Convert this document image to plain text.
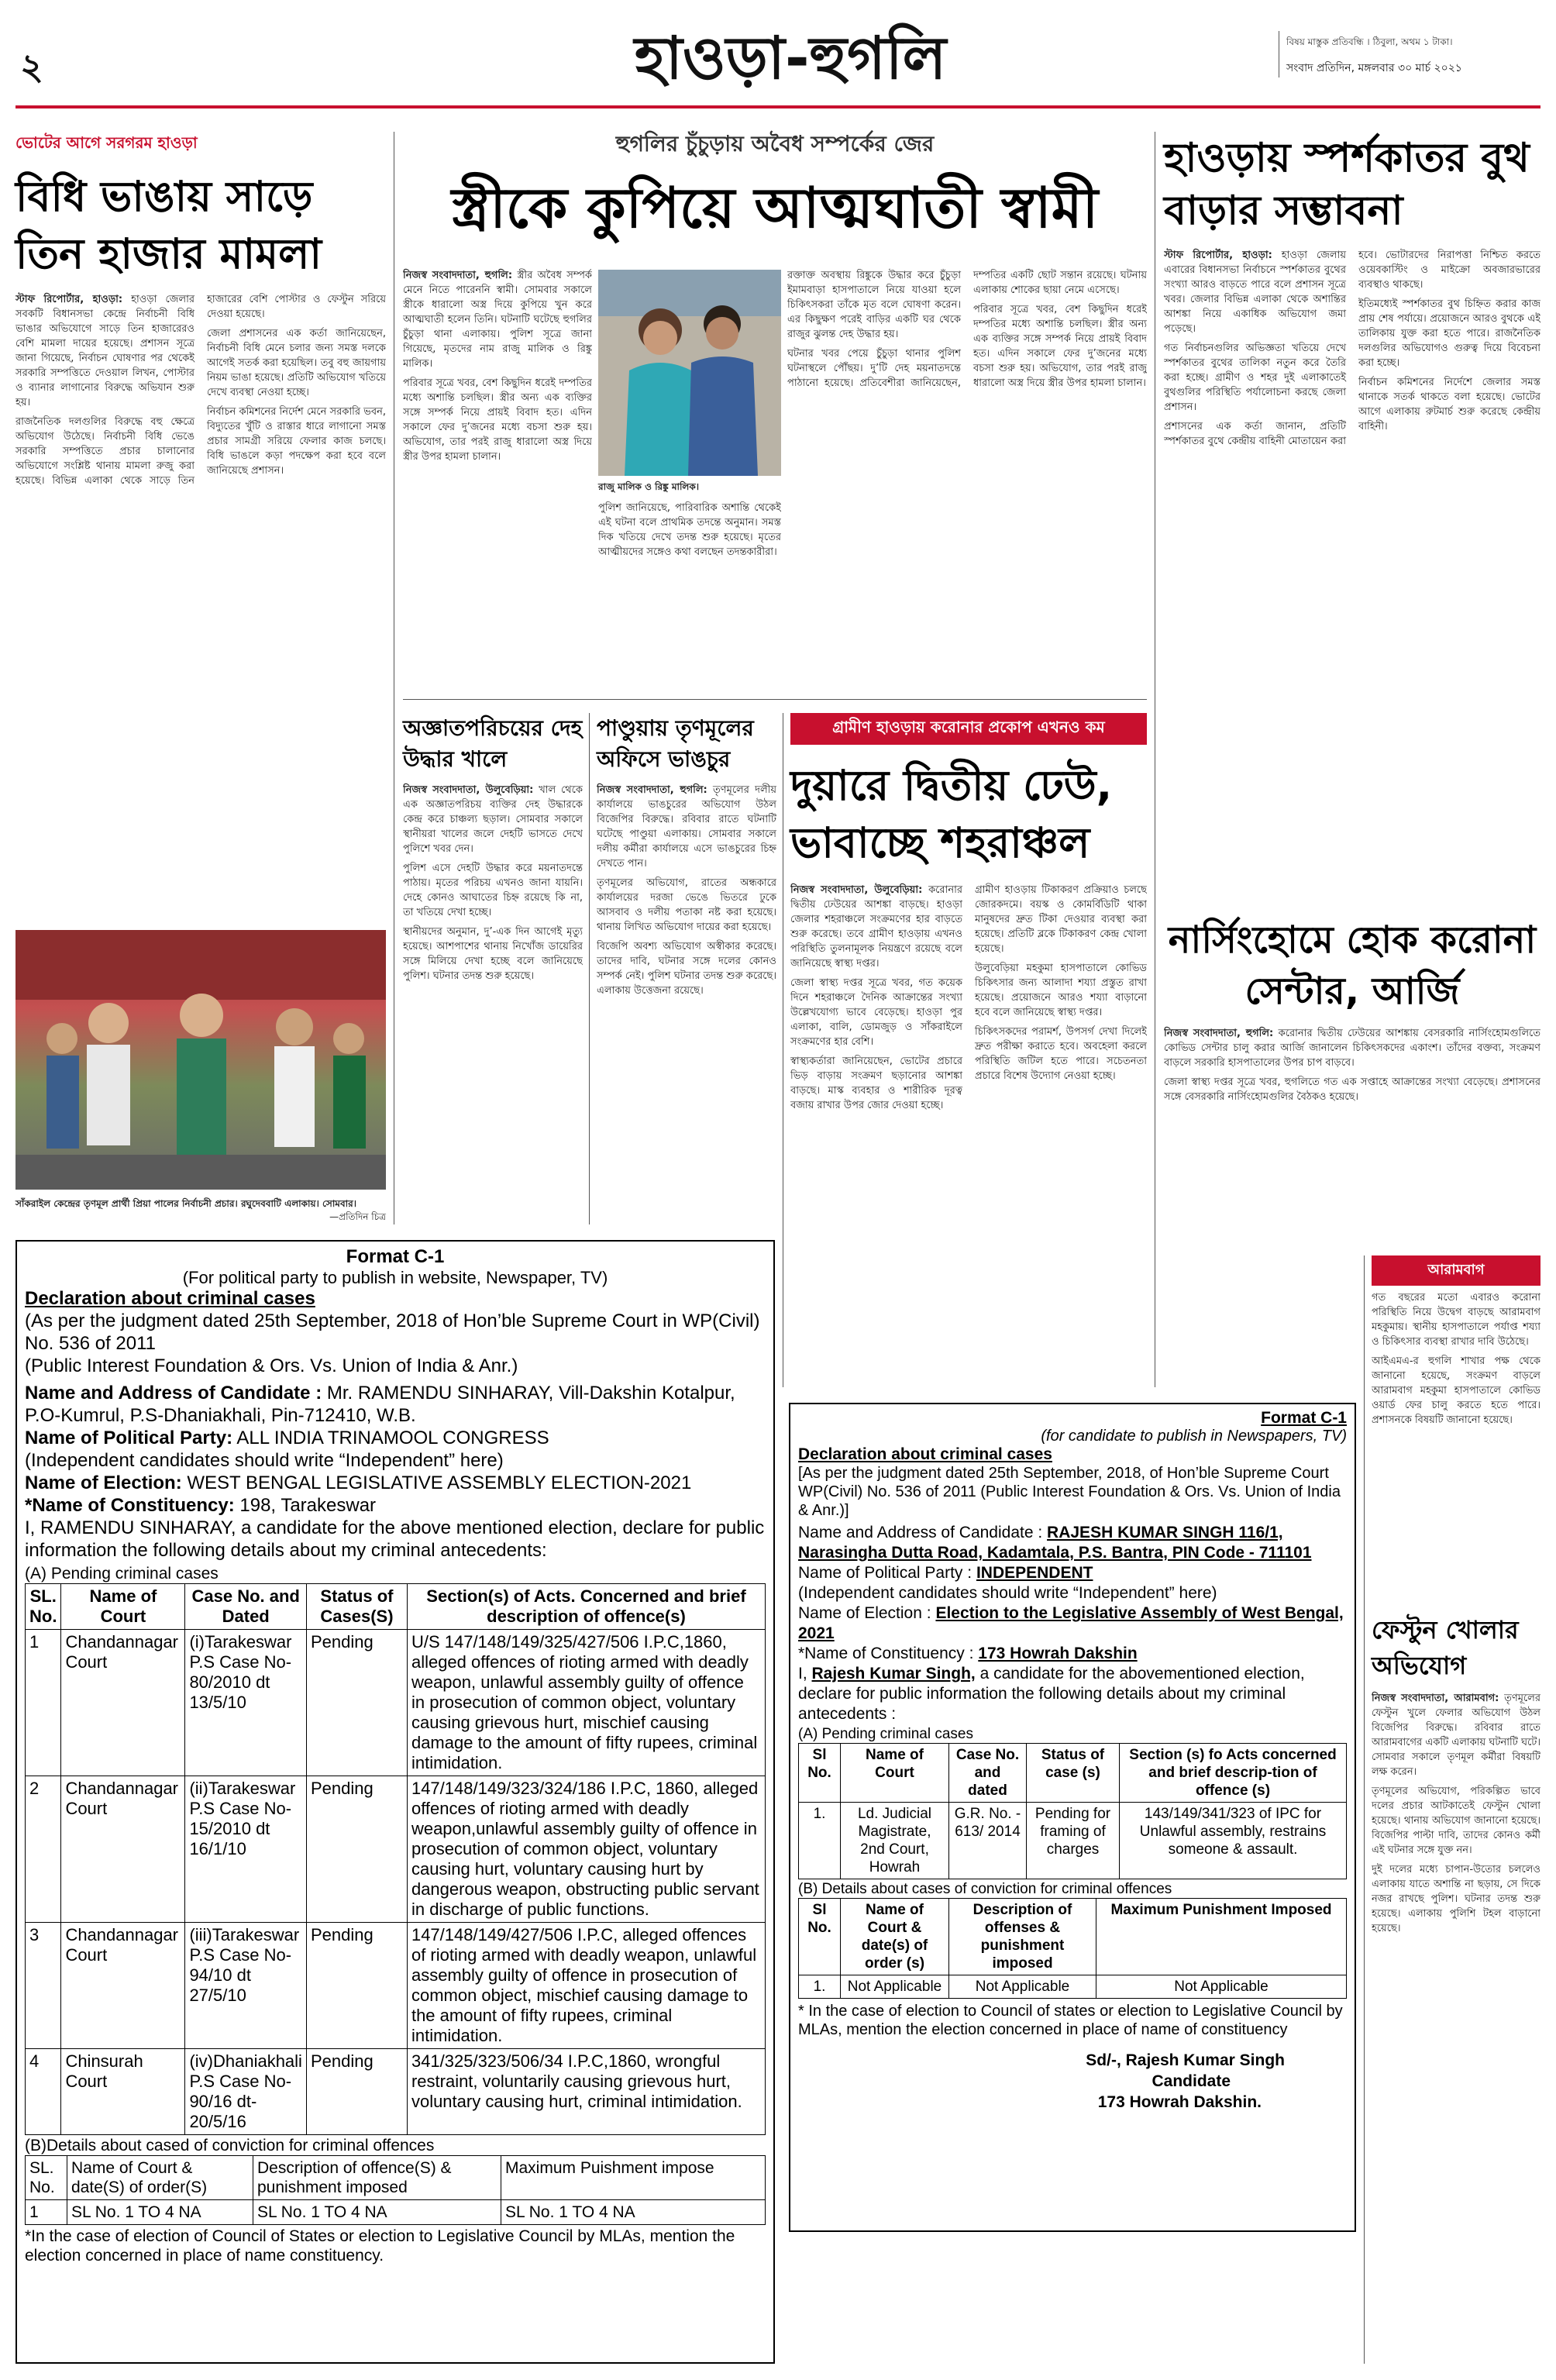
২	হাওড়া-হুগলি	বিষয় মাস্তুক প্রতিবন্ধি । ঠিবুলা, অথম ১ টাকা।
সংবাদ প্রতিদিন, মঙ্গলবার ৩০ মার্চ ২০২১
ভোটের আগে সরগরম হাওড়া
বিধি ভাঙায় সাড়ে তিন হাজার মামলা

স্টাফ রিপোর্টার, হাওড়া: হাওড়া জেলার সবকটি বিধানসভা কেন্দ্রে নির্বাচনী বিধি ভাঙার অভিযোগে সাড়ে তিন হাজারেরও বেশি মামলা দায়ের হয়েছে। প্রশাসন সূত্রে জানা গিয়েছে, নির্বাচন ঘোষণার পর থেকেই সরকারি সম্পত্তিতে দেওয়াল লিখন, পোস্টার ও ব্যানার লাগানোর বিরুদ্ধে অভিযান শুরু হয়।

রাজনৈতিক দলগুলির বিরুদ্ধে বহু ক্ষেত্রে অভিযোগ উঠেছে। নির্বাচনী বিধি ভেঙে সরকারি সম্পত্তিতে প্রচার চালানোর অভিযোগে সংশ্লিষ্ট থানায় মামলা রুজু করা হয়েছে। বিভিন্ন এলাকা থেকে সাড়ে তিন হাজারের বেশি পোস্টার ও ফেস্টুন সরিয়ে দেওয়া হয়েছে।

জেলা প্রশাসনের এক কর্তা জানিয়েছেন, নির্বাচনী বিধি মেনে চলার জন্য সমস্ত দলকে আগেই সতর্ক করা হয়েছিল। তবু বহু জায়গায় নিয়ম ভাঙা হয়েছে। প্রতিটি অভিযোগ খতিয়ে দেখে ব্যবস্থা নেওয়া হচ্ছে।

নির্বাচন কমিশনের নির্দেশ মেনে সরকারি ভবন, বিদ্যুতের খুঁটি ও রাস্তার ধারে লাগানো সমস্ত প্রচার সামগ্রী সরিয়ে ফেলার কাজ চলছে। বিধি ভাঙলে কড়া পদক্ষেপ করা হবে বলে জানিয়েছে প্রশাসন।

সাঁকরাইল কেন্দ্রের তৃণমূল প্রার্থী প্রিয়া পালের নির্বাচনী প্রচার। রঘুদেববাটি এলাকায়। সোমবার।
—প্রতিদিন চিত্র
হুগলির চুঁচুড়ায় অবৈধ সম্পর্কের জের
স্ত্রীকে কুপিয়ে আত্মঘাতী স্বামী
রাজু মালিক ও রিঙ্কু মালিক।

নিজস্ব সংবাদদাতা, হুগলি: স্ত্রীর অবৈধ সম্পর্ক মেনে নিতে পারেননি স্বামী। সোমবার সকালে স্ত্রীকে ধারালো অস্ত্র দিয়ে কুপিয়ে খুন করে আত্মঘাতী হলেন তিনি। ঘটনাটি ঘটেছে হুগলির চুঁচুড়া থানা এলাকায়। পুলিশ সূত্রে জানা গিয়েছে, মৃতদের নাম রাজু মালিক ও রিঙ্কু মালিক।

পরিবার সূত্রে খবর, বেশ কিছুদিন ধরেই দম্পতির মধ্যে অশান্তি চলছিল। স্ত্রীর অন্য এক ব্যক্তির সঙ্গে সম্পর্ক নিয়ে প্রায়ই বিবাদ হত। এদিন সকালে ফের দু’জনের মধ্যে বচসা শুরু হয়। অভিযোগ, তার পরই রাজু ধারালো অস্ত্র দিয়ে স্ত্রীর উপর হামলা চালান।

পুলিশ জানিয়েছে, পারিবারিক অশান্তি থেকেই এই ঘটনা বলে প্রাথমিক তদন্তে অনুমান। সমস্ত দিক খতিয়ে দেখে তদন্ত শুরু হয়েছে। মৃতের আত্মীয়দের সঙ্গেও কথা বলছেন তদন্তকারীরা।

রক্তাক্ত অবস্থায় রিঙ্কুকে উদ্ধার করে চুঁচুড়া ইমামবাড়া হাসপাতালে নিয়ে যাওয়া হলে চিকিৎসকরা তাঁকে মৃত বলে ঘোষণা করেন। এর কিছুক্ষণ পরেই বাড়ির একটি ঘর থেকে রাজুর ঝুলন্ত দেহ উদ্ধার হয়।

ঘটনার খবর পেয়ে চুঁচুড়া থানার পুলিশ ঘটনাস্থলে পৌঁছয়। দু’টি দেহ ময়নাতদন্তে পাঠানো হয়েছে। প্রতিবেশীরা জানিয়েছেন, দম্পতির একটি ছোট সন্তান রয়েছে। ঘটনায় এলাকায় শোকের ছায়া নেমে এসেছে।

পরিবার সূত্রে খবর, বেশ কিছুদিন ধরেই দম্পতির মধ্যে অশান্তি চলছিল। স্ত্রীর অন্য এক ব্যক্তির সঙ্গে সম্পর্ক নিয়ে প্রায়ই বিবাদ হত। এদিন সকালে ফের দু’জনের মধ্যে বচসা শুরু হয়। অভিযোগ, তার পরই রাজু ধারালো অস্ত্র দিয়ে স্ত্রীর উপর হামলা চালান।

হাওড়ায় স্পর্শকাতর বুথ বাড়ার সম্ভাবনা

স্টাফ রিপোর্টার, হাওড়া: হাওড়া জেলায় এবারের বিধানসভা নির্বাচনে স্পর্শকাতর বুথের সংখ্যা আরও বাড়তে পারে বলে প্রশাসন সূত্রে খবর। জেলার বিভিন্ন এলাকা থেকে অশান্তির আশঙ্কা নিয়ে একাধিক অভিযোগ জমা পড়েছে।

গত নির্বাচনগুলির অভিজ্ঞতা খতিয়ে দেখে স্পর্শকাতর বুথের তালিকা নতুন করে তৈরি করা হচ্ছে। গ্রামীণ ও শহর দুই এলাকাতেই বুথগুলির পরিস্থিতি পর্যালোচনা করছে জেলা প্রশাসন।

প্রশাসনের এক কর্তা জানান, প্রতিটি স্পর্শকাতর বুথে কেন্দ্রীয় বাহিনী মোতায়েন করা হবে। ভোটারদের নিরাপত্তা নিশ্চিত করতে ওয়েবকাস্টিং ও মাইক্রো অবজারভারের ব্যবস্থাও থাকছে।

ইতিমধ্যেই স্পর্শকাতর বুথ চিহ্নিত করার কাজ প্রায় শেষ পর্যায়ে। প্রয়োজনে আরও বুথকে এই তালিকায় যুক্ত করা হতে পারে। রাজনৈতিক দলগুলির অভিযোগও গুরুত্ব দিয়ে বিবেচনা করা হচ্ছে।

নির্বাচন কমিশনের নির্দেশে জেলার সমস্ত থানাকে সতর্ক থাকতে বলা হয়েছে। ভোটের আগে এলাকায় রুটমার্চ শুরু করেছে কেন্দ্রীয় বাহিনী।

অজ্ঞাতপরিচয়ের দেহ উদ্ধার খালে

নিজস্ব সংবাদদাতা, উলুবেড়িয়া: খাল থেকে এক অজ্ঞাতপরিচয় ব্যক্তির দেহ উদ্ধারকে কেন্দ্র করে চাঞ্চল্য ছড়াল। সোমবার সকালে স্থানীয়রা খালের জলে দেহটি ভাসতে দেখে পুলিশে খবর দেন।

পুলিশ এসে দেহটি উদ্ধার করে ময়নাতদন্তে পাঠায়। মৃতের পরিচয় এখনও জানা যায়নি। দেহে কোনও আঘাতের চিহ্ন রয়েছে কি না, তা খতিয়ে দেখা হচ্ছে।

স্থানীয়দের অনুমান, দু’-এক দিন আগেই মৃত্যু হয়েছে। আশপাশের থানায় নিখোঁজ ডায়েরির সঙ্গে মিলিয়ে দেখা হচ্ছে বলে জানিয়েছে পুলিশ। ঘটনার তদন্ত শুরু হয়েছে।

পাণ্ডুয়ায় তৃণমূলের অফিসে ভাঙচুর

নিজস্ব সংবাদদাতা, হুগলি: তৃণমূলের দলীয় কার্যালয়ে ভাঙচুরের অভিযোগ উঠল বিজেপির বিরুদ্ধে। রবিবার রাতে ঘটনাটি ঘটেছে পাণ্ডুয়া এলাকায়। সোমবার সকালে দলীয় কর্মীরা কার্যালয়ে এসে ভাঙচুরের চিহ্ন দেখতে পান।

তৃণমূলের অভিযোগ, রাতের অন্ধকারে কার্যালয়ের দরজা ভেঙে ভিতরে ঢুকে আসবাব ও দলীয় পতাকা নষ্ট করা হয়েছে। থানায় লিখিত অভিযোগ দায়ের করা হয়েছে।

বিজেপি অবশ্য অভিযোগ অস্বীকার করেছে। তাদের দাবি, ঘটনার সঙ্গে দলের কোনও সম্পর্ক নেই। পুলিশ ঘটনার তদন্ত শুরু করেছে। এলাকায় উত্তেজনা রয়েছে।

গ্রামীণ হাওড়ায় করোনার প্রকোপ এখনও কম
দুয়ারে দ্বিতীয় ঢেউ, ভাবাচ্ছে শহরাঞ্চল

নিজস্ব সংবাদদাতা, উলুবেড়িয়া: করোনার দ্বিতীয় ঢেউয়ের আশঙ্কা বাড়ছে। হাওড়া জেলার শহরাঞ্চলে সংক্রমণের হার বাড়তে শুরু করেছে। তবে গ্রামীণ হাওড়ায় এখনও পরিস্থিতি তুলনামূলক নিয়ন্ত্রণে রয়েছে বলে জানিয়েছে স্বাস্থ্য দপ্তর।

জেলা স্বাস্থ্য দপ্তর সূত্রে খবর, গত কয়েক দিনে শহরাঞ্চলে দৈনিক আক্রান্তের সংখ্যা উল্লেখযোগ্য ভাবে বেড়েছে। হাওড়া পুর এলাকা, বালি, ডোমজুড় ও সাঁকরাইলে সংক্রমণের হার বেশি।

স্বাস্থ্যকর্তারা জানিয়েছেন, ভোটের প্রচারে ভিড় বাড়ায় সংক্রমণ ছড়ানোর আশঙ্কা বাড়ছে। মাস্ক ব্যবহার ও শারীরিক দূরত্ব বজায় রাখার উপর জোর দেওয়া হচ্ছে।

গ্রামীণ হাওড়ায় টিকাকরণ প্রক্রিয়াও চলছে জোরকদমে। বয়স্ক ও কোমর্বিডিটি থাকা মানুষদের দ্রুত টিকা দেওয়ার ব্যবস্থা করা হয়েছে। প্রতিটি ব্লকে টিকাকরণ কেন্দ্র খোলা হয়েছে।

উলুবেড়িয়া মহকুমা হাসপাতালে কোভিড চিকিৎসার জন্য আলাদা শয্যা প্রস্তুত রাখা হয়েছে। প্রয়োজনে আরও শয্যা বাড়ানো হবে বলে জানিয়েছে স্বাস্থ্য দপ্তর।

চিকিৎসকদের পরামর্শ, উপসর্গ দেখা দিলেই দ্রুত পরীক্ষা করাতে হবে। অবহেলা করলে পরিস্থিতি জটিল হতে পারে। সচেতনতা প্রচারে বিশেষ উদ্যোগ নেওয়া হচ্ছে।

নার্সিংহোমে হোক করোনা সেন্টার, আর্জি

নিজস্ব সংবাদদাতা, হুগলি: করোনার দ্বিতীয় ঢেউয়ের আশঙ্কায় বেসরকারি নার্সিংহোমগুলিতে কোভিড সেন্টার চালু করার আর্জি জানালেন চিকিৎসকদের একাংশ। তাঁদের বক্তব্য, সংক্রমণ বাড়লে সরকারি হাসপাতালের উপর চাপ বাড়বে।

জেলা স্বাস্থ্য দপ্তর সূত্রে খবর, হুগলিতে গত এক সপ্তাহে আক্রান্তের সংখ্যা বেড়েছে। প্রশাসনের সঙ্গে বেসরকারি নার্সিংহোমগুলির বৈঠকও হয়েছে।

আরামবাগ

গত বছরের মতো এবারও করোনা পরিস্থিতি নিয়ে উদ্বেগ বাড়ছে আরামবাগ মহকুমায়। স্থানীয় হাসপাতালে পর্যাপ্ত শয্যা ও চিকিৎসার ব্যবস্থা রাখার দাবি উঠেছে।

আইএমএ-র হুগলি শাখার পক্ষ থেকে জানানো হয়েছে, সংক্রমণ বাড়লে আরামবাগ মহকুমা হাসপাতালে কোভিড ওয়ার্ড ফের চালু করতে হতে পারে। প্রশাসনকে বিষয়টি জানানো হয়েছে।

ফেস্টুন খোলার অভিযোগ

নিজস্ব সংবাদদাতা, আরামবাগ: তৃণমূলের ফেস্টুন খুলে ফেলার অভিযোগ উঠল বিজেপির বিরুদ্ধে। রবিবার রাতে আরামবাগের একটি এলাকায় ঘটনাটি ঘটে। সোমবার সকালে তৃণমূল কর্মীরা বিষয়টি লক্ষ করেন।

তৃণমূলের অভিযোগ, পরিকল্পিত ভাবে দলের প্রচার আটকাতেই ফেস্টুন খোলা হয়েছে। থানায় অভিযোগ জানানো হয়েছে। বিজেপির পাল্টা দাবি, তাদের কোনও কর্মী এই ঘটনার সঙ্গে যুক্ত নন।

দুই দলের মধ্যে চাপান-উতোর চললেও এলাকায় যাতে অশান্তি না ছড়ায়, সে দিকে নজর রাখছে পুলিশ। ঘটনার তদন্ত শুরু হয়েছে। এলাকায় পুলিশি টহল বাড়ানো হয়েছে।

Format C-1
(For political party to publish in website, Newspaper, TV)
Declaration about criminal cases
(As per the judgment dated 25th September, 2018 of Hon’ble Supreme Court in WP(Civil) No. 536 of 2011
(Public Interest Foundation & Ors. Vs. Union of India & Anr.)
Name and Address of Candidate : Mr. RAMENDU SINHARAY, Vill-Dakshin Kotalpur, P.O-Kumrul, P.S-Dhaniakhali, Pin-712410, W.B.
Name of Political Party: ALL INDIA TRINAMOOL CONGRESS
(Independent candidates should write “Independent” here)
Name of Election: WEST BENGAL LEGISLATIVE ASSEMBLY ELECTION-2021
*Name of Constituency: 198, Tarakeswar
I, RAMENDU SINHARAY, a candidate for the above mentioned election, declare for public information the following details about my criminal antecedents:
(A) Pending criminal cases
SL. No.	Name of Court	Case No. and Dated	Status of Cases(S)	Section(s) of Acts. Concerned and brief description of offence(s)
1	Chandannagar Court	(i)Tarakeswar P.S Case No- 80/2010 dt 13/5/10	Pending	U/S 147/148/149/325/427/506 I.P.C,1860, alleged offences of rioting armed with deadly weapon, unlawful assembly guilty of offence in prosecution of common object, voluntary causing grievous hurt, mischief causing damage to the amount of fifty rupees, criminal intimidation.
2	Chandannagar Court	(ii)Tarakeswar P.S Case No- 15/2010 dt 16/1/10	Pending	147/148/149/323/324/186 I.P.C, 1860, alleged offences of rioting armed with deadly weapon,unlawful assembly guilty of offence in prosecution of common object, voluntary causing hurt, voluntary causing hurt by dangerous weapon, obstructing public servant in discharge of public functions.
3	Chandannagar Court	(iii)Tarakeswar P.S Case No- 94/10 dt 27/5/10	Pending	147/148/149/427/506 I.P.C, alleged offences of rioting armed with deadly weapon, unlawful assembly guilty of offence in prosecution of common object, mischief causing damage to the amount of fifty rupees, criminal intimidation.
4	Chinsurah Court	(iv)Dhaniakhali P.S Case No- 90/16 dt-20/5/16	Pending	341/325/323/506/34 I.P.C,1860, wrongful restraint, voluntarily causing grievous hurt, voluntary causing hurt, criminal intimidation.
(B)Details about cased of conviction for criminal offences
SL. No.	Name of Court & date(S) of order(S)	Description of offence(S) & punishment imposed	Maximum Puishment impose
1	SL No. 1 TO 4 NA	SL No. 1 TO 4 NA	SL No. 1 TO 4 NA
*In the case of election of Council of States or election to Legislative Council by MLAs, mention the election concerned in place of name constituency.
Format C-1
(for candidate to publish in Newspapers, TV)
Declaration about criminal cases
[As per the judgment dated 25th September, 2018, of Hon’ble Supreme Court WP(Civil) No. 536 of 2011 (Public Interest Foundation & Ors. Vs. Union of India & Anr.)]
Name and Address of Candidate : RAJESH KUMAR SINGH 116/1, Narasingha Dutta Road, Kadamtala, P.S. Bantra, PIN Code - 711101
Name of Political Party : INDEPENDENT
(Independent candidates should write “Independent” here)
Name of Election : Election to the Legislative Assembly of West Bengal, 2021
*Name of Constituency : 173 Howrah Dakshin
I, Rajesh Kumar Singh, a candidate for the abovementioned election, declare for public information the following details about my criminal antecedents :
(A) Pending criminal cases
Sl No.	Name of Court	Case No. and dated	Status of case (s)	Section (s) fo Acts concerned and brief descrip-tion of offence (s)
1.	Ld. Judicial Magistrate, 2nd Court, Howrah	G.R. No. - 613/ 2014	Pending for framing of charges	143/149/341/323 of IPC for Unlawful assembly, restrains someone & assault.
(B) Details about cases of conviction for criminal offences
Sl No.	Name of Court & date(s) of order (s)	Description of offenses & punishment imposed	Maximum Punishment Imposed
1.	Not Applicable	Not Applicable	Not Applicable
* In the case of election to Council of states or election to Legislative Council by MLAs, mention the election concerned in place of name of constituency
Sd/-, Rajesh Kumar Singh
Candidate
173 Howrah Dakshin.
